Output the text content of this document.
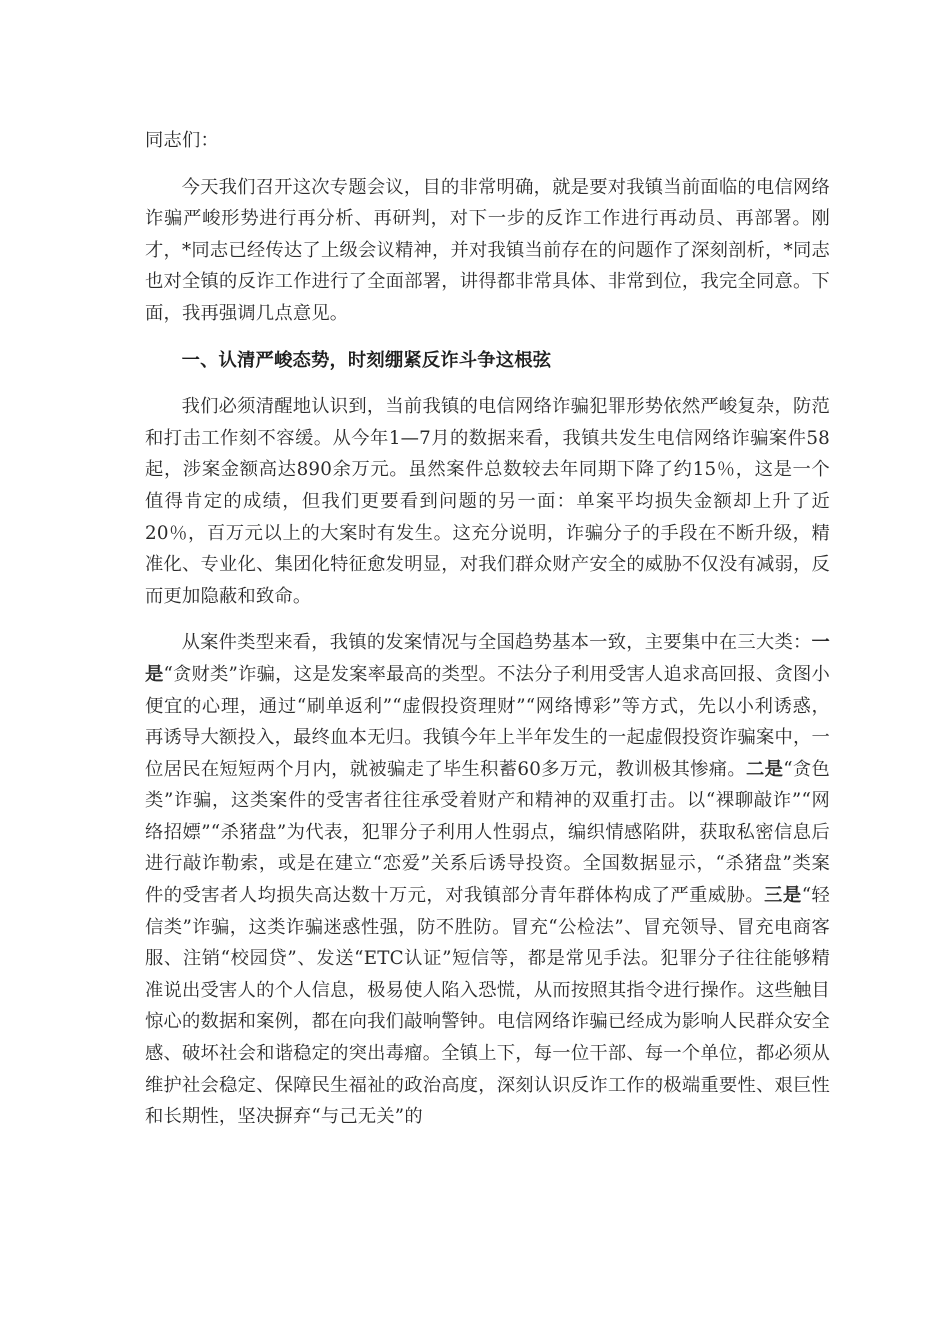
同志们：

今天我们召开这次专题会议，目的非常明确，就是要对我镇当前面临的电信网络诈骗严峻形势进行再分析、再研判，对下一步的反诈工作进行再动员、再部署。刚才，*同志已经传达了上级会议精神，并对我镇当前存在的问题作了深刻剖析，*同志也对全镇的反诈工作进行了全面部署，讲得都非常具体、非常到位，我完全同意。下面，我再强调几点意见。

一、认清严峻态势，时刻绷紧反诈斗争这根弦

我们必须清醒地认识到，当前我镇的电信网络诈骗犯罪形势依然严峻复杂，防范和打击工作刻不容缓。从今年1—7月的数据来看，我镇共发生电信网络诈骗案件58起，涉案金额高达890余万元。虽然案件总数较去年同期下降了约15％，这是一个值得肯定的成绩，但我们更要看到问题的另一面：单案平均损失金额却上升了近20％，百万元以上的大案时有发生。这充分说明，诈骗分子的手段在不断升级，精准化、专业化、集团化特征愈发明显，对我们群众财产安全的威胁不仅没有减弱，反而更加隐蔽和致命。

从案件类型来看，我镇的发案情况与全国趋势基本一致，主要集中在三大类：一是“贪财类”诈骗，这是发案率最高的类型。不法分子利用受害人追求高回报、贪图小便宜的心理，通过“刷单返利”“虚假投资理财”“网络博彩”等方式，先以小利诱惑，再诱导大额投入，最终血本无归。我镇今年上半年发生的一起虚假投资诈骗案中，一位居民在短短两个月内，就被骗走了毕生积蓄60多万元，教训极其惨痛。二是“贪色类”诈骗，这类案件的受害者往往承受着财产和精神的双重打击。以“裸聊敲诈”“网络招嫖”“杀猪盘”为代表，犯罪分子利用人性弱点，编织情感陷阱，获取私密信息后进行敲诈勒索，或是在建立“恋爱”关系后诱导投资。全国数据显示，“杀猪盘”类案件的受害者人均损失高达数十万元，对我镇部分青年群体构成了严重威胁。三是“轻信类”诈骗，这类诈骗迷惑性强，防不胜防。冒充“公检法”、冒充领导、冒充电商客服、注销“校园贷”、发送“ETC认证”短信等，都是常见手法。犯罪分子往往能够精准说出受害人的个人信息，极易使人陷入恐慌，从而按照其指令进行操作。这些触目惊心的数据和案例，都在向我们敲响警钟。电信网络诈骗已经成为影响人民群众安全感、破坏社会和谐稳定的突出毒瘤。全镇上下，每一位干部、每一个单位，都必须从维护社会稳定、保障民生福祉的政治高度，深刻认识反诈工作的极端重要性、艰巨性和长期性，坚决摒弃“与己无关”的
